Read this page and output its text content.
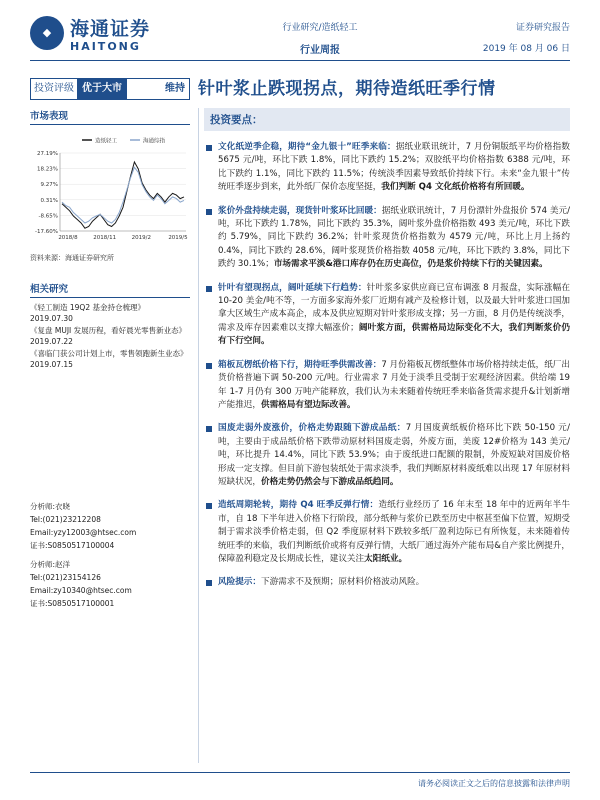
◆ 海通证券
HAITONG
行业研究/造纸轻工
行业周报
证券研究报告
2019 年 08 月 06 日
投资评级 优于大市	维持 针叶浆止跌现拐点，期待造纸旺季行情
市场表现
造纸轻工	海通综指
27.19%
18.23%
9.27%
0.31%
-8.65%
-17.60%
2018/8	2018/11	2019/2	2019/5
资料来源：海通证券研究所
相关研究
《轻工制造 19Q2 基金持仓梳理》 2019.07.30
《复盘 MUJI 发展历程，看好晨光零售新业态》 2019.07.22
《喜临门获公司计划上市，零售领跑新生业态》 2019.07.15
分析师:衣晓
Tel:(021)23212208
Email:yzy12003@htsec.com
证书:S0850517100004
分析师:赵洋
Tel:(021)23154126
Email:zy10340@htsec.com
证书:S0850517100001
投资要点：
文化纸逆季企稳，期待“金九银十”旺季来临：据纸业联讯统计，7 月份铜版纸平均价格指数 5675 元/吨，环比下跌 1.8%，同比下跌约 15.2%；双胶纸平均价格指数 6388 元/吨，环比下跌约 1.1%，同比下跌约 11.5%；传统淡季因素导致纸价持续下行。未来“金九银十”传统旺季逐步到来，此外纸厂保价态度坚挺，我们判断 Q4 文化纸价格将有所回暖。
浆价外盘持续走弱，现货针叶浆环比回暖：据纸业联讯统计，7 月份漂针外盘报价 574 美元/吨，环比下跌约 1.78%，同比下跌约 35.3%，阔叶浆外盘价格指数 493 美元/吨，环比下跌约 5.79%，同比下跌约 36.2%；针叶浆现货价格指数为 4579 元/吨，环比上月上扬约 0.4%，同比下跌约 28.6%，阔叶浆现货价格指数 4058 元/吨，环比下跌约 3.8%，同比下跌约 30.1%；市场需求平淡&港口库存仍在历史高位，仍是浆价持续下行的关键因素。
针叶有望现拐点，阔叶延续下行趋势：针叶浆多家供应商已宣布调涨 8 月报盘，实际涨幅在 10-20 美金/吨不等，一方面多家海外浆厂近期有减产及检修计划，以及最大针叶浆进口国加拿大区域生产成本高企，成本及供应短期对针叶浆形成支撑；另一方面，8 月仍是传统淡季，需求及库存因素难以支撑大幅涨价；阔叶浆方面，供需格局边际变化不大，我们判断浆价仍有下行空间。
箱板瓦楞纸价格下行，期待旺季供需改善：7 月份箱板瓦楞纸整体市场价格持续走低，纸厂出货价格普遍下调 50-200 元/吨。行业需求 7 月处于淡季且受制于宏观经济因素。供给端 19 年 1-7 月仍有 300 万吨产能释放，我们认为未来随着传统旺季来临备货需求提升&计划新增产能推迟，供需格局有望边际改善。
国废走弱外废涨价，价格走势跟随下游成品纸：7 月国废黄纸板价格环比下跌 50-150 元/吨，主要由于成品纸价格下跌带动原材料国废走弱，外废方面，美废 12#价格为 143 美元/吨，环比提升 14.4%，同比下跌 53.9%；由于废纸进口配额的限制，外废短缺对国废价格形成一定支撑。但目前下游包装纸处于需求淡季，我们判断原材料废纸难以出现 17 年原材料短缺状况，价格走势仍然会与下游成品纸趋同。
造纸周期轮转，期待 Q4 旺季反弹行情：造纸行业经历了 16 年末至 18 年中的近两年半牛市，自 18 下半年进入价格下行阶段，部分纸种与浆价已跌至历史中枢甚至偏下位置，短期受制于需求淡季价格走弱，但 Q2 季度原材料下跌较多纸厂盈利边际已有所恢复，未来随着传统旺季的来临，我们判断纸价或将有反弹行情，大纸厂通过海外产能布局&自产浆比例提升，保障盈利稳定及长期成长性，建议关注太阳纸业。
风险提示：下游需求不及预期；原材料价格波动风险。
请务必阅读正文之后的信息披露和法律声明
